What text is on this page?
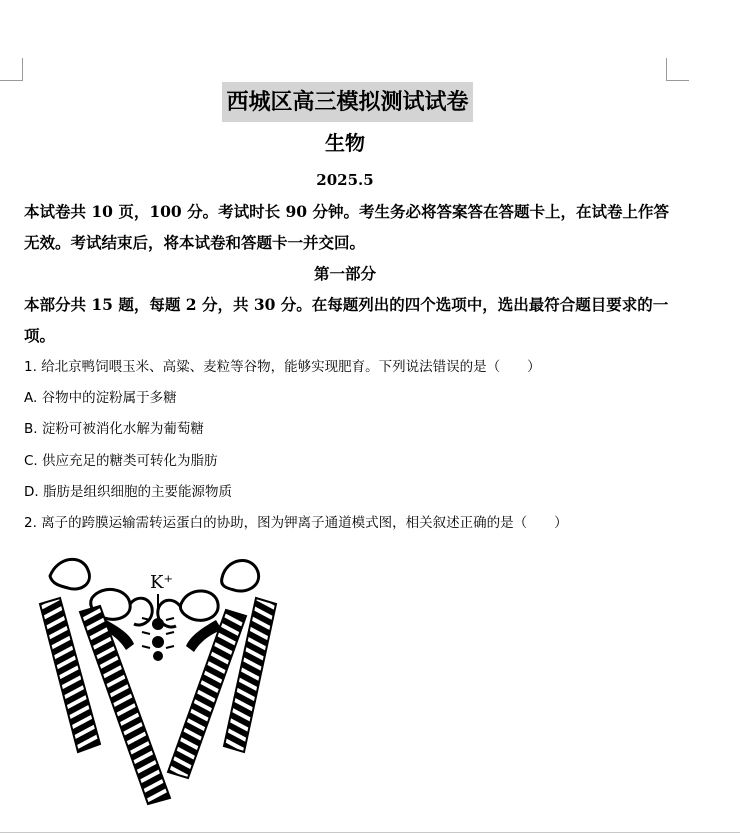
西城区高三模拟测试试卷
生物
2025.5
本试卷共 10 页，100 分。考试时长 90 分钟。考生务必将答案答在答题卡上，在试卷上作答无效。考试结束后，将本试卷和答题卡一并交回。
第一部分
本部分共 15 题，每题 2 分，共 30 分。在每题列出的四个选项中，选出最符合题目要求的一项。
1. 给北京鸭饲喂玉米、高粱、麦粒等谷物，能够实现肥育。下列说法错误的是（　　）
A. 谷物中的淀粉属于多糖
B. 淀粉可被消化水解为葡萄糖
C. 供应充足的糖类可转化为脂肪
D. 脂肪是组织细胞的主要能源物质
2. 离子的跨膜运输需转运蛋白的协助，图为钾离子通道模式图，相关叙述正确的是（　　）
K⁺
